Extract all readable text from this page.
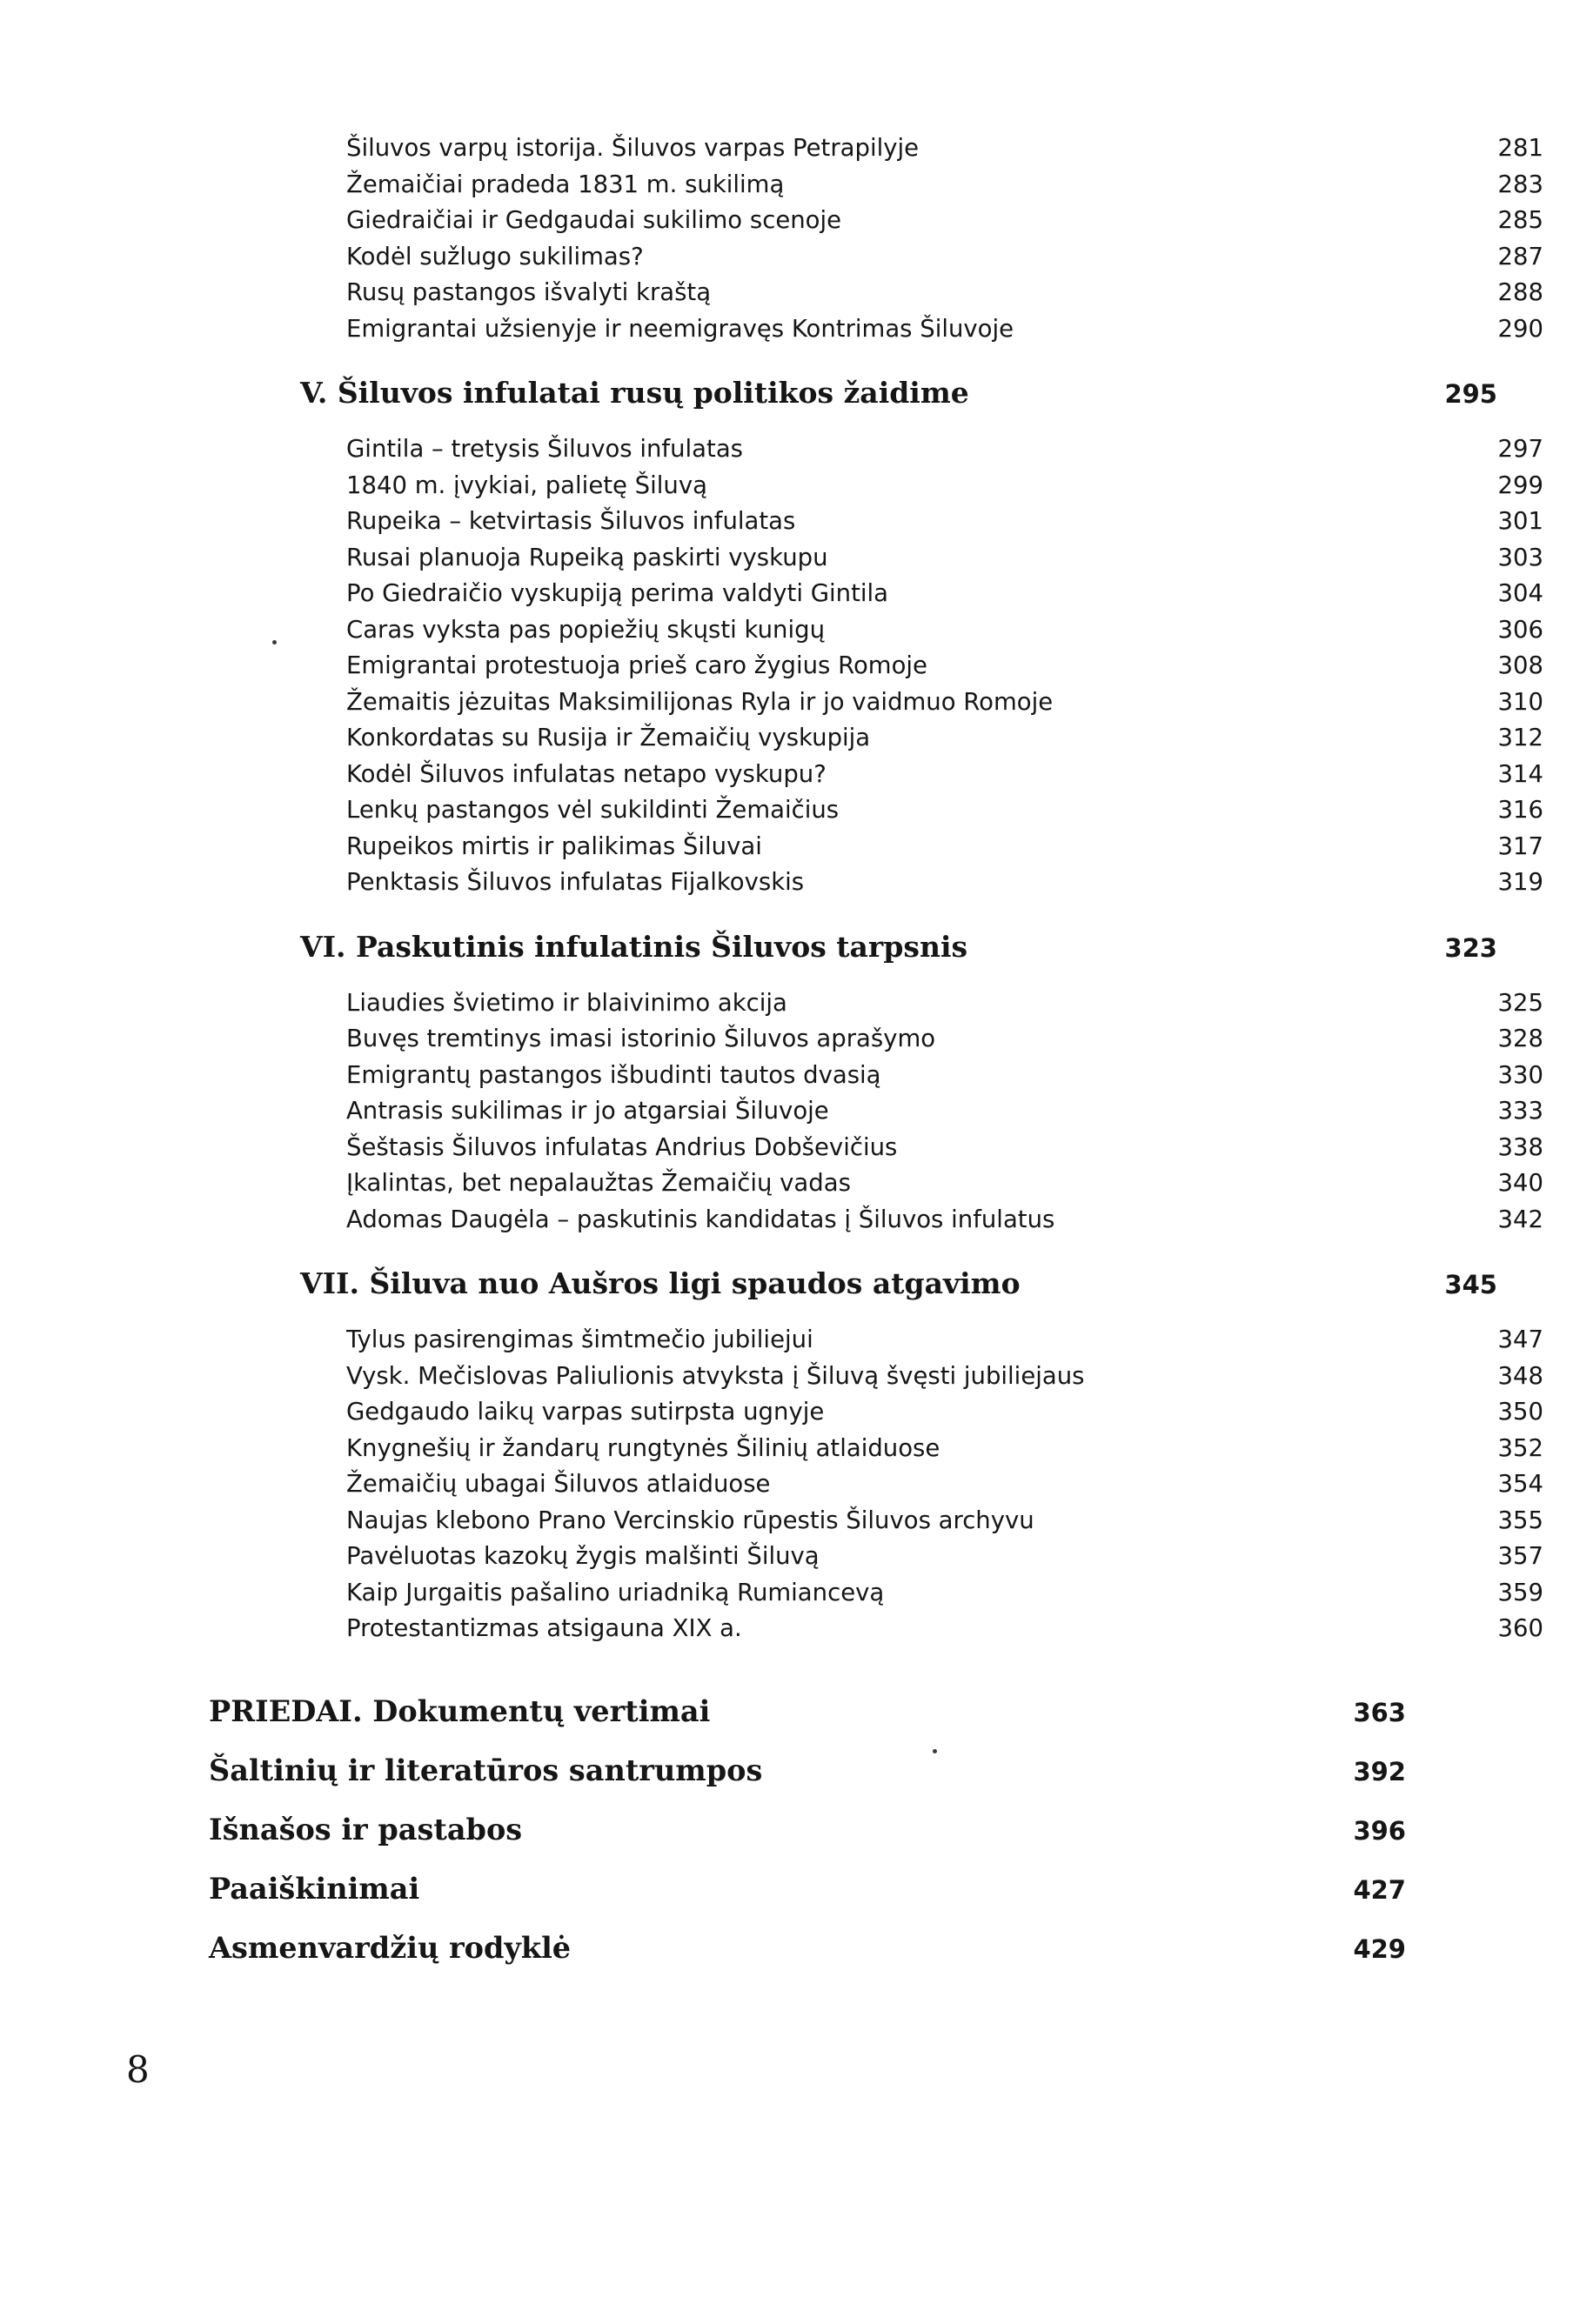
Šiluvos varpų istorija. Šiluvos varpas Petrapilyje	281
Žemaičiai pradeda 1831 m. sukilimą	283
Giedraičiai ir Gedgaudai sukilimo scenoje	285
Kodėl sužlugo sukilimas?	287
Rusų pastangos išvalyti kraštą	288
Emigrantai užsienyje ir neemigravęs Kontrimas Šiluvoje	290
V. Šiluvos infulatai rusų politikos žaidime	295
Gintila – tretysis Šiluvos infulatas	297
1840 m. įvykiai, palietę Šiluvą	299
Rupeika – ketvirtasis Šiluvos infulatas	301
Rusai planuoja Rupeiką paskirti vyskupu	303
Po Giedraičio vyskupiją perima valdyti Gintila	304
Caras vyksta pas popiežių skųsti kunigų	306
Emigrantai protestuoja prieš caro žygius Romoje	308
Žemaitis jėzuitas Maksimilijonas Ryla ir jo vaidmuo Romoje	310
Konkordatas su Rusija ir Žemaičių vyskupija	312
Kodėl Šiluvos infulatas netapo vyskupu?	314
Lenkų pastangos vėl sukildinti Žemaičius	316
Rupeikos mirtis ir palikimas Šiluvai	317
Penktasis Šiluvos infulatas Fijalkovskis	319
VI. Paskutinis infulatinis Šiluvos tarpsnis	323
Liaudies švietimo ir blaivinimo akcija	325
Buvęs tremtinys imasi istorinio Šiluvos aprašymo	328
Emigrantų pastangos išbudinti tautos dvasią	330
Antrasis sukilimas ir jo atgarsiai Šiluvoje	333
Šeštasis Šiluvos infulatas Andrius Dobševičius	338
Įkalintas, bet nepalaužtas Žemaičių vadas	340
Adomas Daugėla – paskutinis kandidatas į Šiluvos infulatus	342
VII. Šiluva nuo Aušros ligi spaudos atgavimo	345
Tylus pasirengimas šimtmečio jubiliejui	347
Vysk. Mečislovas Paliulionis atvyksta į Šiluvą švęsti jubiliejaus	348
Gedgaudo laikų varpas sutirpsta ugnyje	350
Knygnešių ir žandarų rungtynės Šilinių atlaiduose	352
Žemaičių ubagai Šiluvos atlaiduose	354
Naujas klebono Prano Vercinskio rūpestis Šiluvos archyvu	355
Pavėluotas kazokų žygis malšinti Šiluvą	357
Kaip Jurgaitis pašalino uriadniką Rumiancevą	359
Protestantizmas atsigauna XIX a.	360
PRIEDAI. Dokumentų vertimai	363
Šaltinių ir literatūros santrumpos	392
Išnašos ir pastabos	396
Paaiškinimai	427
Asmenvardžių rodyklė	429
8
